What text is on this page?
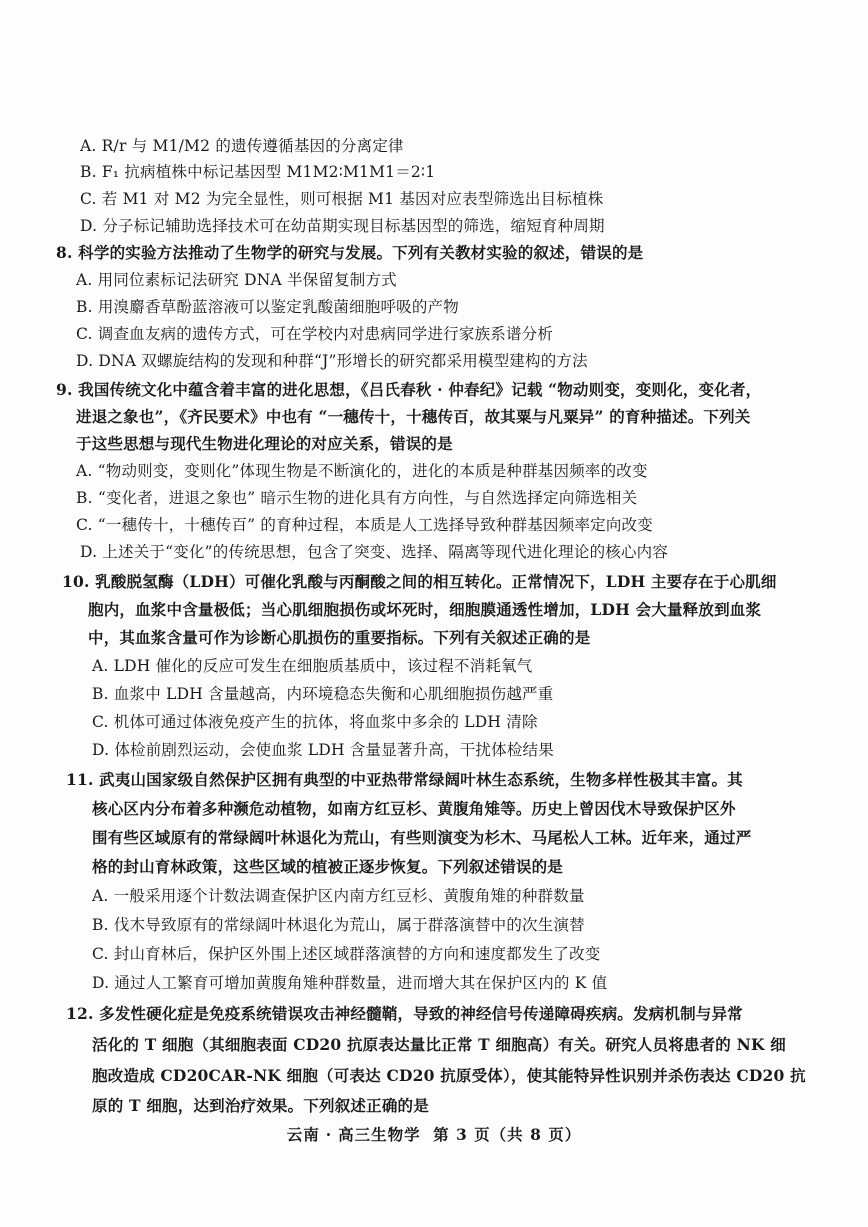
A. R/r 与 M1/M2 的遗传遵循基因的分离定律
B. F₁ 抗病植株中标记基因型 M1M2∶M1M1＝2∶1
C. 若 M1 对 M2 为完全显性，则可根据 M1 基因对应表型筛选出目标植株
D. 分子标记辅助选择技术可在幼苗期实现目标基因型的筛选，缩短育种周期
8. 科学的实验方法推动了生物学的研究与发展。下列有关教材实验的叙述，错误的是
A. 用同位素标记法研究 DNA 半保留复制方式
B. 用溴麝香草酚蓝溶液可以鉴定乳酸菌细胞呼吸的产物
C. 调查血友病的遗传方式，可在学校内对患病同学进行家族系谱分析
D. DNA 双螺旋结构的发现和种群“J”形增长的研究都采用模型建构的方法
9. 我国传统文化中蕴含着丰富的进化思想，《吕氏春秋 · 仲春纪》记载 “物动则变，变则化，变化者，
进退之象也”，《齐民要术》中也有 “一穗传十，十穗传百，故其粟与凡粟异” 的育种描述。下列关
于这些思想与现代生物进化理论的对应关系，错误的是
A. “物动则变，变则化”体现生物是不断演化的，进化的本质是种群基因频率的改变
B. “变化者，进退之象也” 暗示生物的进化具有方向性，与自然选择定向筛选相关
C. “一穗传十，十穗传百” 的育种过程，本质是人工选择导致种群基因频率定向改变
D. 上述关于“变化”的传统思想，包含了突变、选择、隔离等现代进化理论的核心内容
10. 乳酸脱氢酶（LDH）可催化乳酸与丙酮酸之间的相互转化。正常情况下，LDH 主要存在于心肌细
胞内，血浆中含量极低；当心肌细胞损伤或坏死时，细胞膜通透性增加，LDH 会大量释放到血浆
中，其血浆含量可作为诊断心肌损伤的重要指标。下列有关叙述正确的是
A. LDH 催化的反应可发生在细胞质基质中，该过程不消耗氧气
B. 血浆中 LDH 含量越高，内环境稳态失衡和心肌细胞损伤越严重
C. 机体可通过体液免疫产生的抗体，将血浆中多余的 LDH 清除
D. 体检前剧烈运动，会使血浆 LDH 含量显著升高，干扰体检结果
11. 武夷山国家级自然保护区拥有典型的中亚热带常绿阔叶林生态系统，生物多样性极其丰富。其
核心区内分布着多种濒危动植物，如南方红豆杉、黄腹角雉等。历史上曾因伐木导致保护区外
围有些区域原有的常绿阔叶林退化为荒山，有些则演变为杉木、马尾松人工林。近年来，通过严
格的封山育林政策，这些区域的植被正逐步恢复。下列叙述错误的是
A. 一般采用逐个计数法调查保护区内南方红豆杉、黄腹角雉的种群数量
B. 伐木导致原有的常绿阔叶林退化为荒山，属于群落演替中的次生演替
C. 封山育林后，保护区外围上述区域群落演替的方向和速度都发生了改变
D. 通过人工繁育可增加黄腹角雉种群数量，进而增大其在保护区内的 K 值
12. 多发性硬化症是免疫系统错误攻击神经髓鞘，导致的神经信号传递障碍疾病。发病机制与异常
活化的 T 细胞（其细胞表面 CD20 抗原表达量比正常 T 细胞高）有关。研究人员将患者的 NK 细
胞改造成 CD20CAR-NK 细胞（可表达 CD20 抗原受体），使其能特异性识别并杀伤表达 CD20 抗
原的 T 细胞，达到治疗效果。下列叙述正确的是
云南 · 高三生物学 第 3 页（共 8 页）
